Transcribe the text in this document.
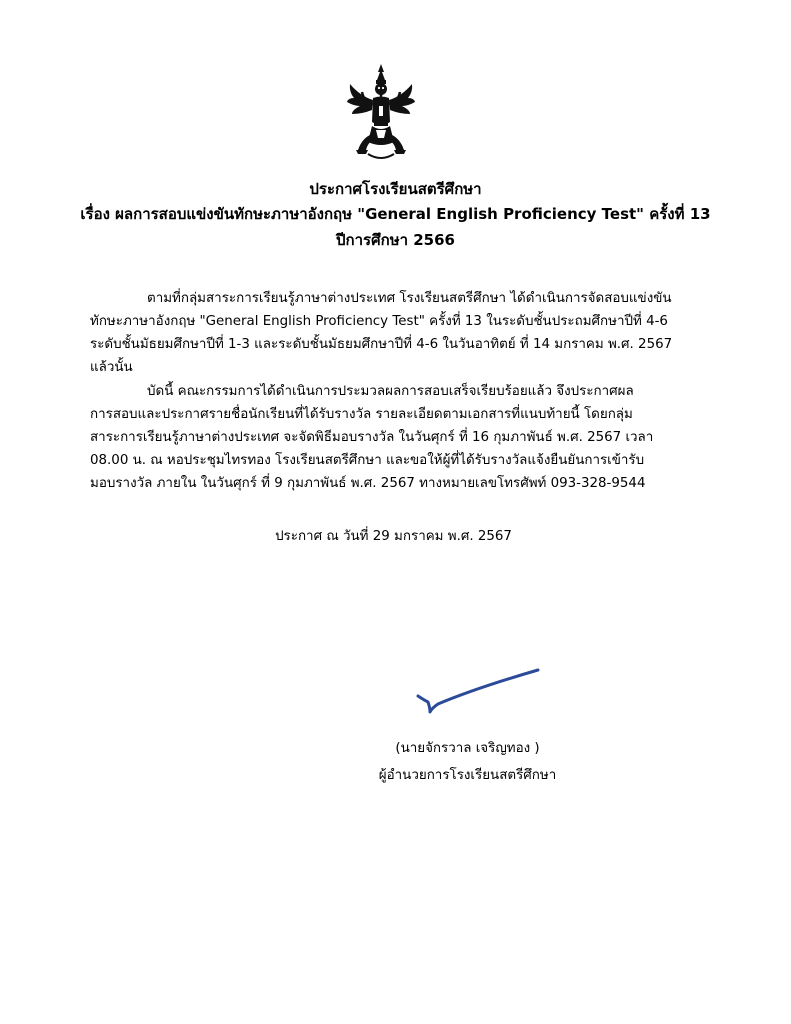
ประกาศโรงเรียนสตรีศึกษา
เรื่อง ผลการสอบแข่งขันทักษะภาษาอังกฤษ "General English Proficiency Test" ครั้งที่ 13
ปีการศึกษา 2566
ตามที่กลุ่มสาระการเรียนรู้ภาษาต่างประเทศ โรงเรียนสตรีศึกษา ได้ดำเนินการจัดสอบแข่งขัน
ทักษะภาษาอังกฤษ "General English Proficiency Test" ครั้งที่ 13 ในระดับชั้นประถมศึกษาปีที่ 4-6
ระดับชั้นมัธยมศึกษาปีที่ 1-3 และระดับชั้นมัธยมศึกษาปีที่ 4-6 ในวันอาทิตย์ ที่ 14 มกราคม พ.ศ. 2567
แล้วนั้น
บัดนี้ คณะกรรมการได้ดำเนินการประมวลผลการสอบเสร็จเรียบร้อยแล้ว จึงประกาศผล
การสอบและประกาศรายชื่อนักเรียนที่ได้รับรางวัล รายละเอียดตามเอกสารที่แนบท้ายนี้ โดยกลุ่ม
สาระการเรียนรู้ภาษาต่างประเทศ จะจัดพิธีมอบรางวัล ในวันศุกร์ ที่ 16 กุมภาพันธ์ พ.ศ. 2567 เวลา
08.00 น. ณ หอประชุมไทรทอง โรงเรียนสตรีศึกษา และขอให้ผู้ที่ได้รับรางวัลแจ้งยืนยันการเข้ารับ
มอบรางวัล ภายใน ในวันศุกร์ ที่ 9 กุมภาพันธ์ พ.ศ. 2567 ทางหมายเลขโทรศัพท์ 093-328-9544
ประกาศ ณ วันที่ 29 มกราคม พ.ศ. 2567
(นายจักรวาล เจริญทอง )
ผู้อำนวยการโรงเรียนสตรีศึกษา
